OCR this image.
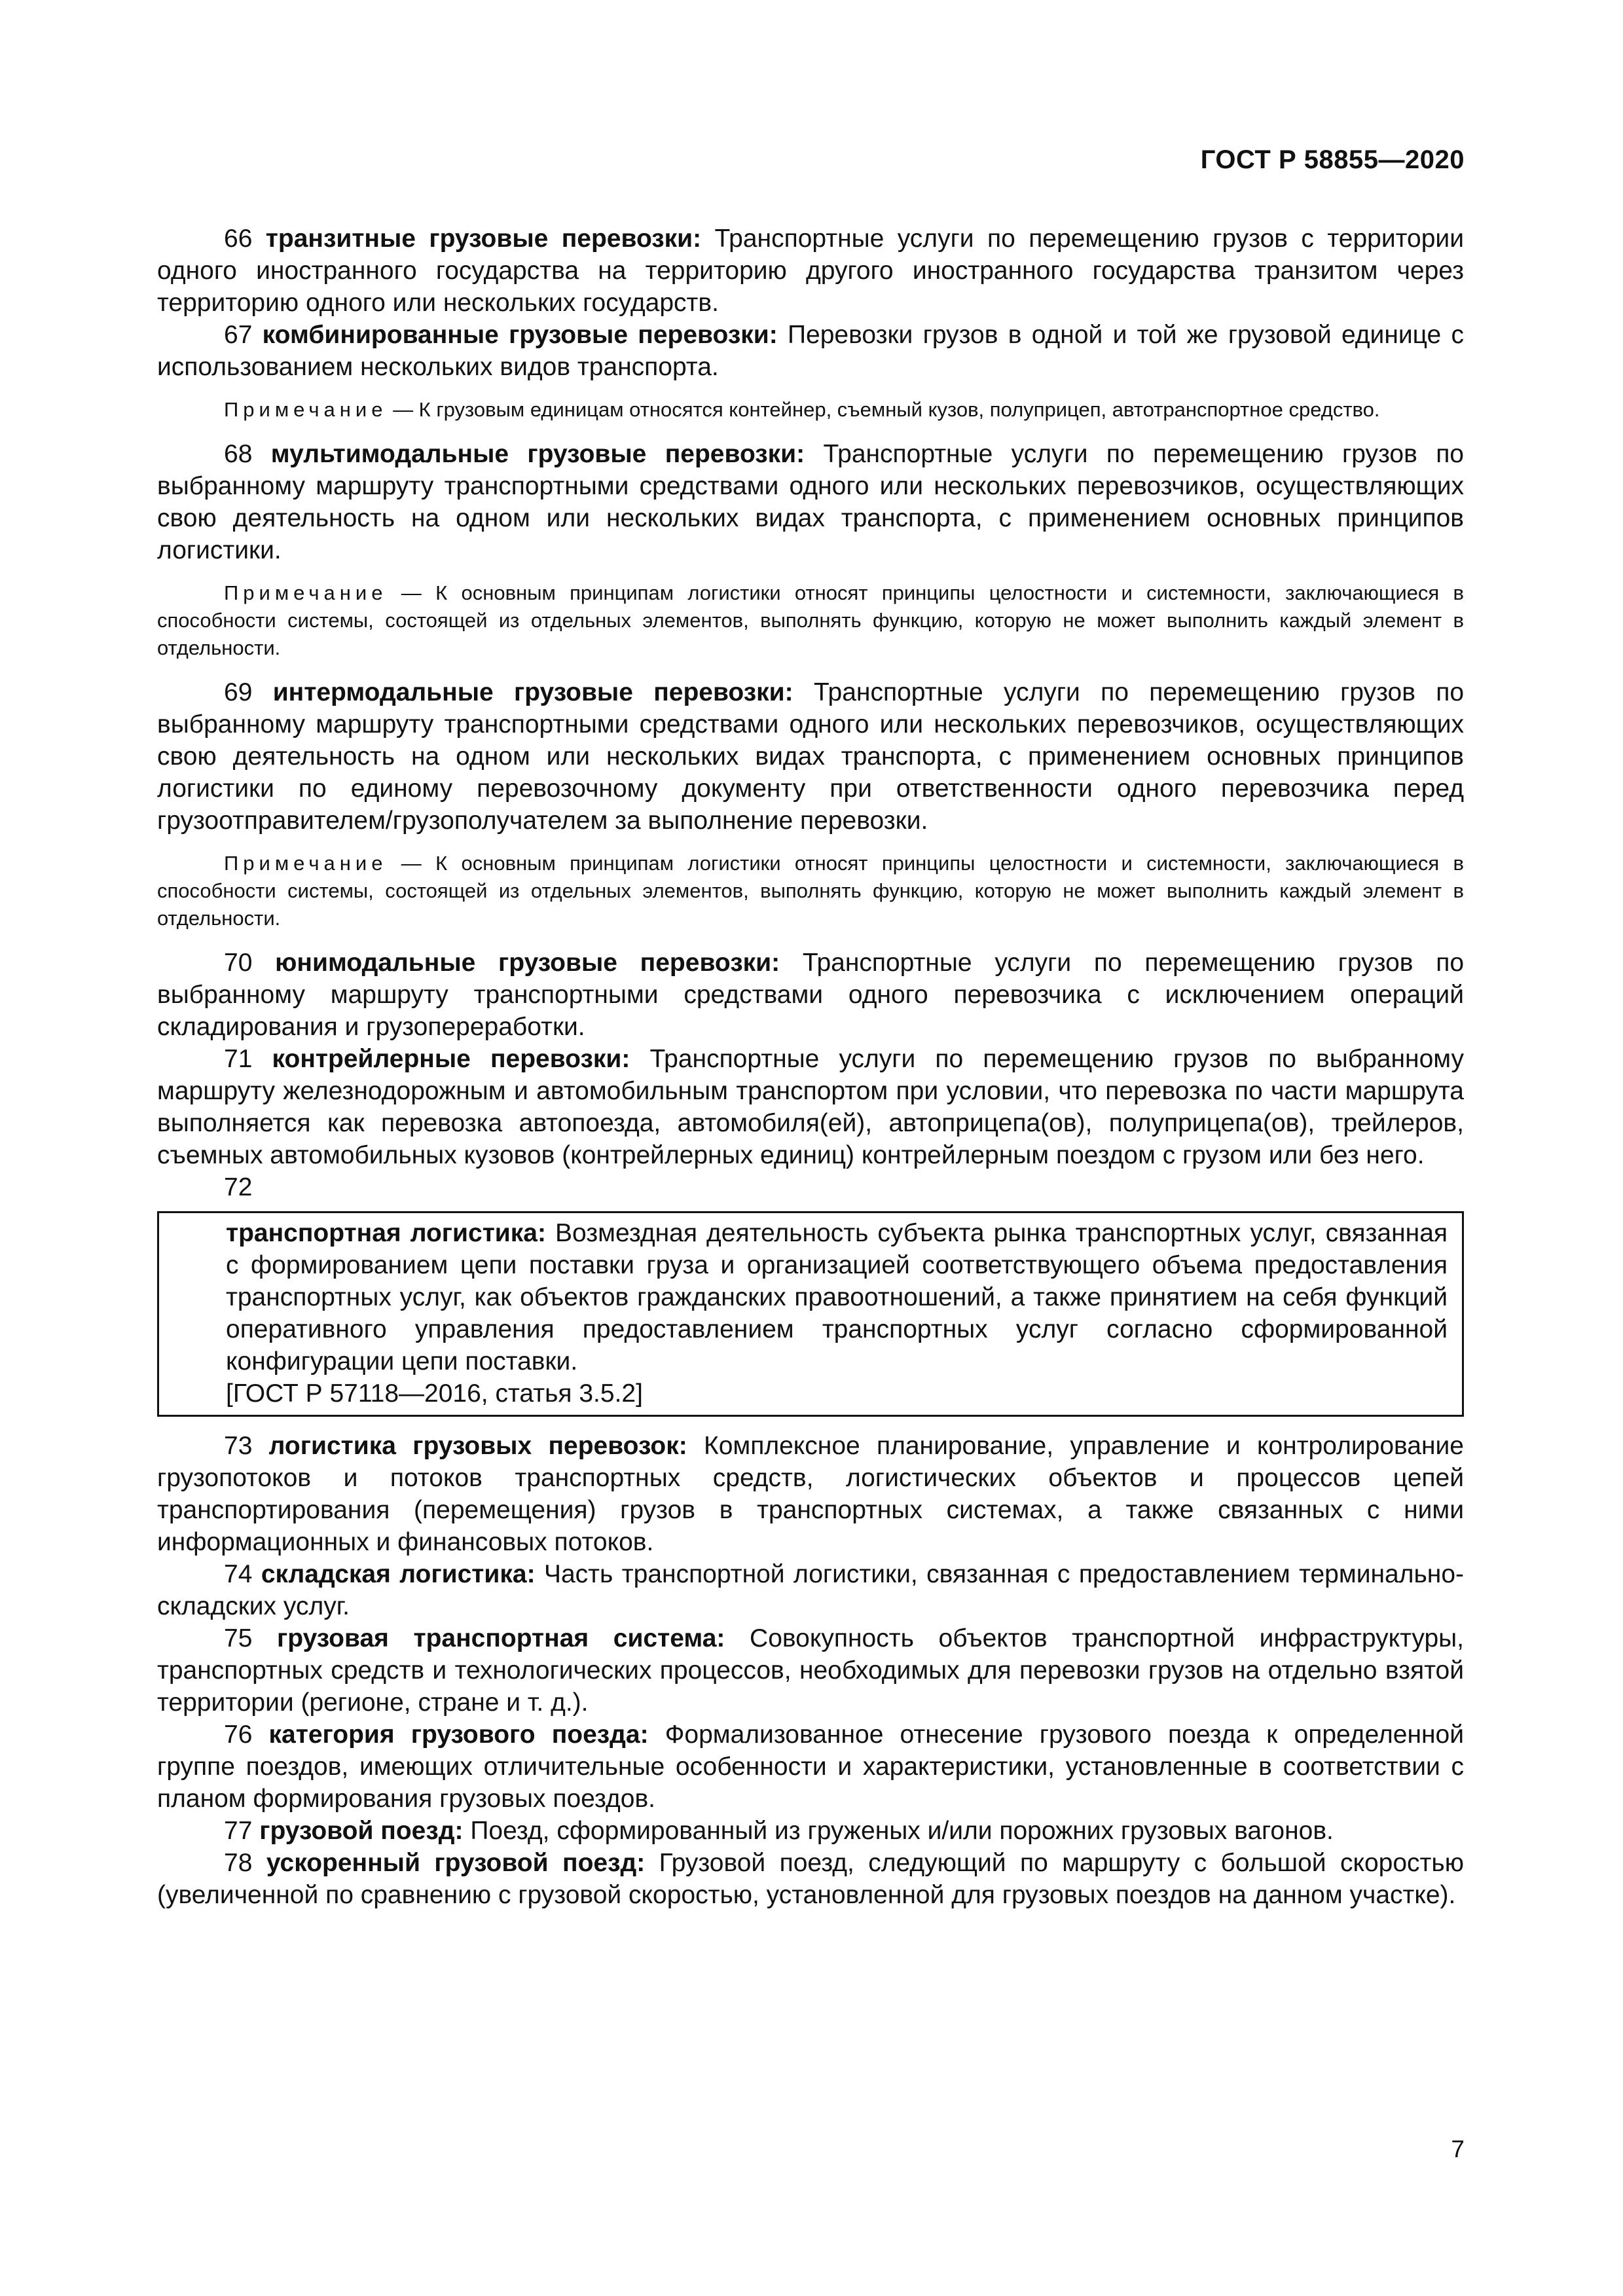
ГОСТ Р 58855—2020

66 транзитные грузовые перевозки: Транспортные услуги по перемещению грузов с территории одного иностранного государства на территорию другого иностранного государства транзитом через территорию одного или нескольких государств.

67 комбинированные грузовые перевозки: Перевозки грузов в одной и той же грузовой единице с использованием нескольких видов транспорта.

Примечание — К грузовым единицам относятся контейнер, съемный кузов, полуприцеп, автотранспортное средство.

68 мультимодальные грузовые перевозки: Транспортные услуги по перемещению грузов по выбранному маршруту транспортными средствами одного или нескольких перевозчиков, осуществляющих свою деятельность на одном или нескольких видах транспорта, с применением основных принципов логистики.

Примечание — К основным принципам логистики относят принципы целостности и системности, заключающиеся в способности системы, состоящей из отдельных элементов, выполнять функцию, которую не может выполнить каждый элемент в отдельности.

69 интермодальные грузовые перевозки: Транспортные услуги по перемещению грузов по выбранному маршруту транспортными средствами одного или нескольких перевозчиков, осуществляющих свою деятельность на одном или нескольких видах транспорта, с применением основных принципов логистики по единому перевозочному документу при ответственности одного перевозчика перед грузоотправителем/грузополучателем за выполнение перевозки.

Примечание — К основным принципам логистики относят принципы целостности и системности, заключающиеся в способности системы, состоящей из отдельных элементов, выполнять функцию, которую не может выполнить каждый элемент в отдельности.

70 юнимодальные грузовые перевозки: Транспортные услуги по перемещению грузов по выбранному маршруту транспортными средствами одного перевозчика с исключением операций складирования и грузопереработки.

71 контрейлерные перевозки: Транспортные услуги по перемещению грузов по выбранному маршруту железнодорожным и автомобильным транспортом при условии, что перевозка по части маршрута выполняется как перевозка автопоезда, автомобиля(ей), автоприцепа(ов), полуприцепа(ов), трейлеров, съемных автомобильных кузовов (контрейлерных единиц) контрейлерным поездом с грузом или без него.

72

транспортная логистика: Возмездная деятельность субъекта рынка транспортных услуг, связанная с формированием цепи поставки груза и организацией соответствующего объема предоставления транспортных услуг, как объектов гражданских правоотношений, а также принятием на себя функций оперативного управления предоставлением транспортных услуг согласно сформированной конфигурации цепи поставки.

[ГОСТ Р 57118—2016, статья 3.5.2]

73 логистика грузовых перевозок: Комплексное планирование, управление и контролирование грузопотоков и потоков транспортных средств, логистических объектов и процессов цепей транспортирования (перемещения) грузов в транспортных системах, а также связанных с ними информационных и финансовых потоков.

74 складская логистика: Часть транспортной логистики, связанная с предоставлением терминально-складских услуг.

75 грузовая транспортная система: Совокупность объектов транспортной инфраструктуры, транспортных средств и технологических процессов, необходимых для перевозки грузов на отдельно взятой территории (регионе, стране и т. д.).

76 категория грузового поезда: Формализованное отнесение грузового поезда к определенной группе поездов, имеющих отличительные особенности и характеристики, установленные в соответствии с планом формирования грузовых поездов.

77 грузовой поезд: Поезд, сформированный из груженых и/или порожних грузовых вагонов.

78 ускоренный грузовой поезд: Грузовой поезд, следующий по маршруту с большой скоростью (увеличенной по сравнению с грузовой скоростью, установленной для грузовых поездов на данном участке).

7
